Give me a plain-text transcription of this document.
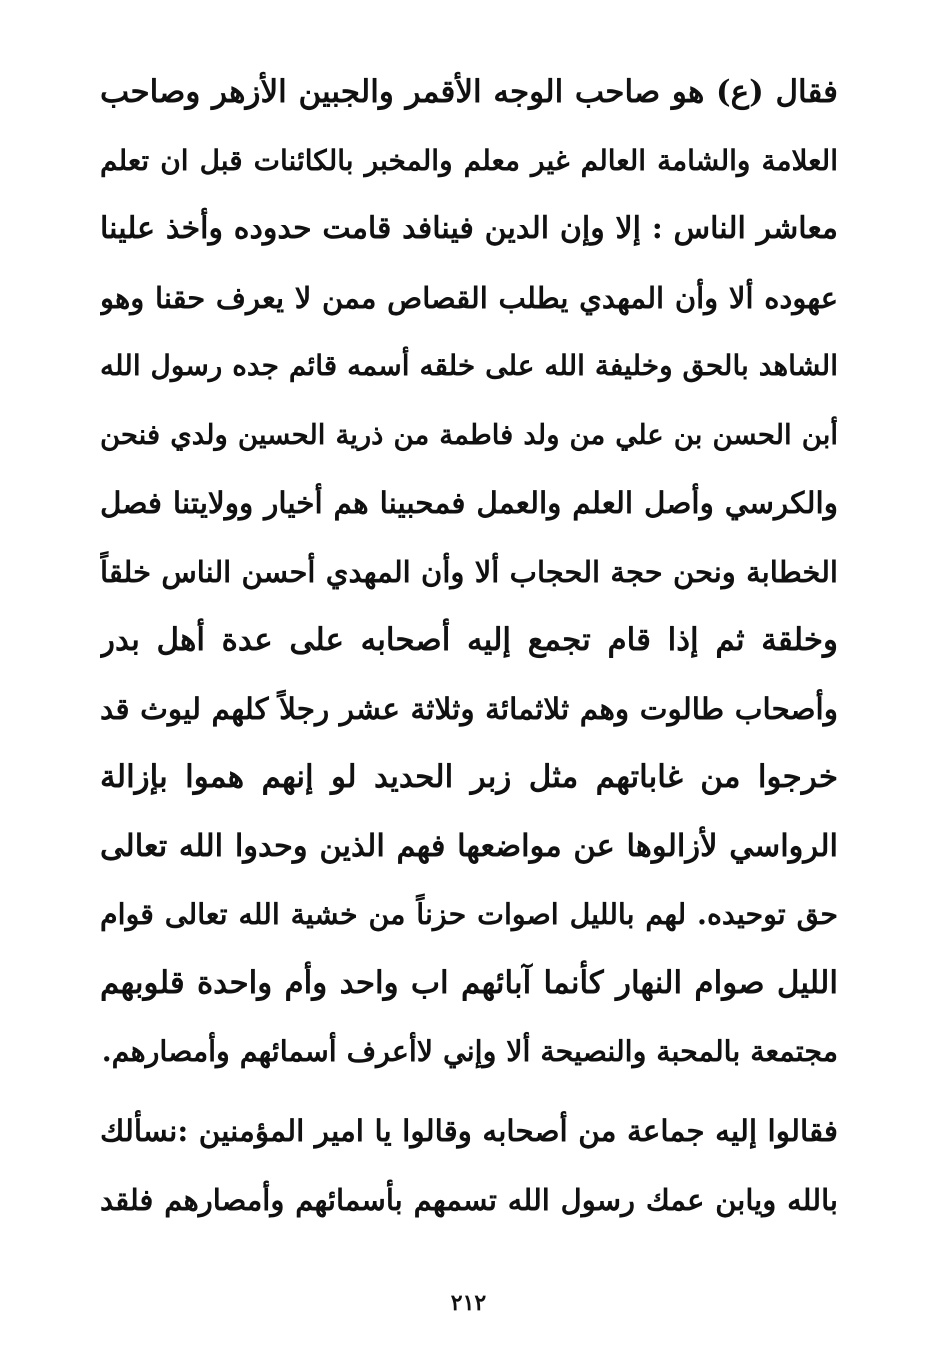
فقال (ع) هو صاحب الوجه الأقمر والجبين الأزهر وصاحب
العلامة والشامة العالم غير معلم والمخبر بالكائنات قبل ان تعلم
معاشر الناس : إلا وإن الدين فينافد قامت حدوده وأخذ علينا
عهوده ألا وأن المهدي يطلب القصاص ممن لا يعرف حقنا وهو
الشاهد بالحق وخليفة الله على خلقه أسمه قائم جده رسول الله
أبن الحسن بن علي من ولد فاطمة من ذرية الحسين ولدي فنحن
والكرسي وأصل العلم والعمل فمحبينا هم أخيار وولايتنا فصل
الخطابة ونحن حجة الحجاب ألا وأن المهدي أحسن الناس خلقاً
وخلقة ثم إذا قام تجمع إليه أصحابه على عدة أهل بدر
وأصحاب طالوت وهم ثلاثمائة وثلاثة عشر رجلاً كلهم ليوث قد
خرجوا من غاباتهم مثل زبر الحديد لو إنهم هموا بإزالة
الرواسي لأزالوها عن مواضعها فهم الذين وحدوا الله تعالى
حق توحيده. لهم بالليل اصوات حزناً من خشية الله تعالى قوام
الليل صوام النهار كأنما آبائهم اب واحد وأم واحدة قلوبهم
مجتمعة بالمحبة والنصيحة ألا وإني لاأعرف أسمائهم وأمصارهم.
فقالوا إليه جماعة من أصحابه وقالوا يا امير المؤمنين :نسألك
بالله ويابن عمك رسول الله تسمهم بأسمائهم وأمصارهم فلقد
٢١٢
